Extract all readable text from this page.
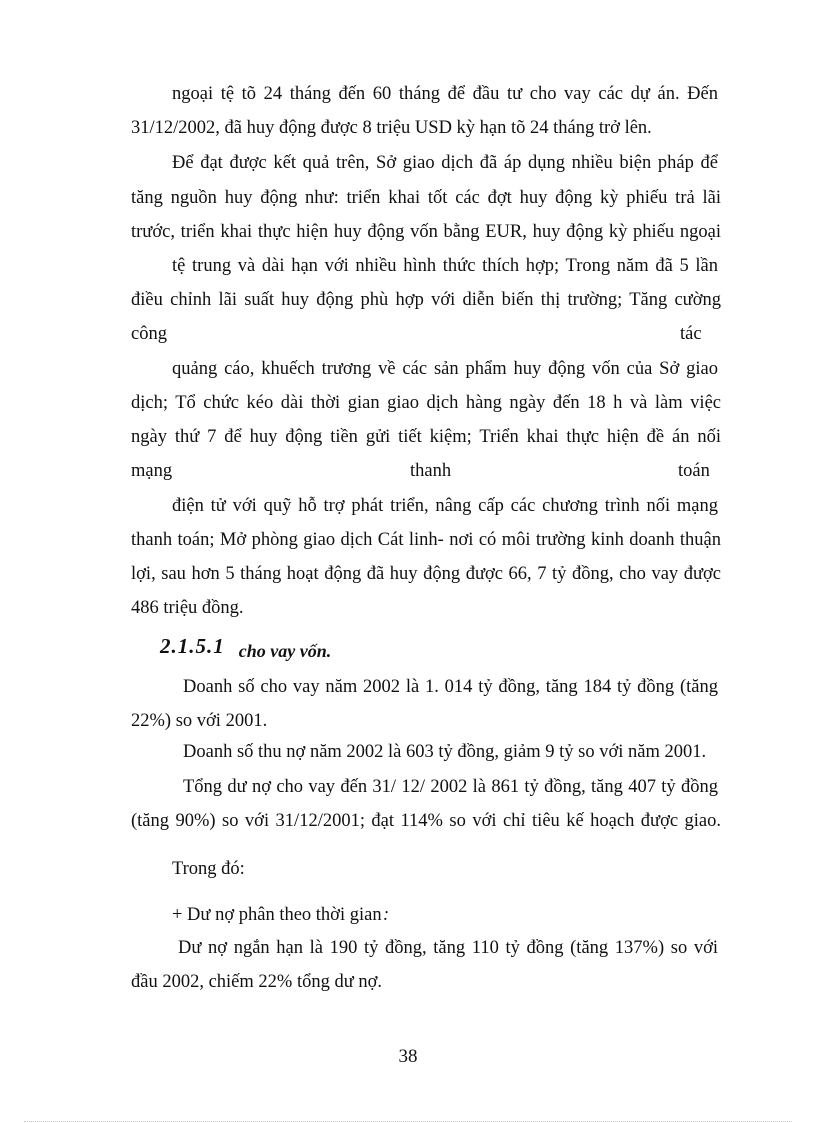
ngoại tệ tõ 24 tháng đến 60 tháng để đầu tư cho vay các dự án. Đến
31/12/2002, đã huy động được 8 triệu USD kỳ hạn tõ 24 tháng trở lên.
Để đạt được kết quả trên, Sở giao dịch đã áp dụng nhiều biện pháp để
tăng nguồn huy động như: triển khai tốt các đợt huy động kỳ phiếu trả lãi
trước, triển khai thực hiện huy động vốn bằng EUR, huy động kỳ phiếu ngoại
tệ trung và dài hạn với nhiều hình thức thích hợp; Trong năm đã 5 lần
điều chỉnh lãi suất huy động phù hợp với diễn biến thị trường; Tăng cường
công	tác
quảng cáo, khuếch trương về các sản phẩm huy động vốn của Sở giao
dịch; Tổ chức kéo dài thời gian giao dịch hàng ngày đến 18 h và làm việc
ngày thứ 7 để huy động tiền gửi tiết kiệm; Triển khai thực hiện đề án nối
mạng	thanh	toán
điện tử với quỹ hỗ trợ phát triển, nâng cấp các chương trình nối mạng
thanh toán; Mở phòng giao dịch Cát linh- nơi có môi trường kinh doanh thuận
lợi, sau hơn 5 tháng hoạt động đã huy động được 66, 7 tỷ đồng, cho vay được
486 triệu đồng.
2.1.5.1 cho vay vốn.
Doanh số cho vay năm 2002 là 1. 014 tỷ đồng, tăng 184 tỷ đồng (tăng
22%) so với 2001.
Doanh số thu nợ năm 2002 là 603 tỷ đồng, giảm 9 tỷ so với năm 2001.
Tổng dư nợ cho vay đến 31/ 12/ 2002 là 861 tỷ đồng, tăng 407 tỷ đồng
(tăng 90%) so với 31/12/2001; đạt 114% so với chỉ tiêu kế hoạch được giao.
Trong đó:
+ Dư nợ phân theo thời gian :
Dư nợ ngắn hạn là 190 tỷ đồng, tăng 110 tỷ đồng (tăng 137%) so với
đầu 2002, chiếm 22% tổng dư nợ.
38
